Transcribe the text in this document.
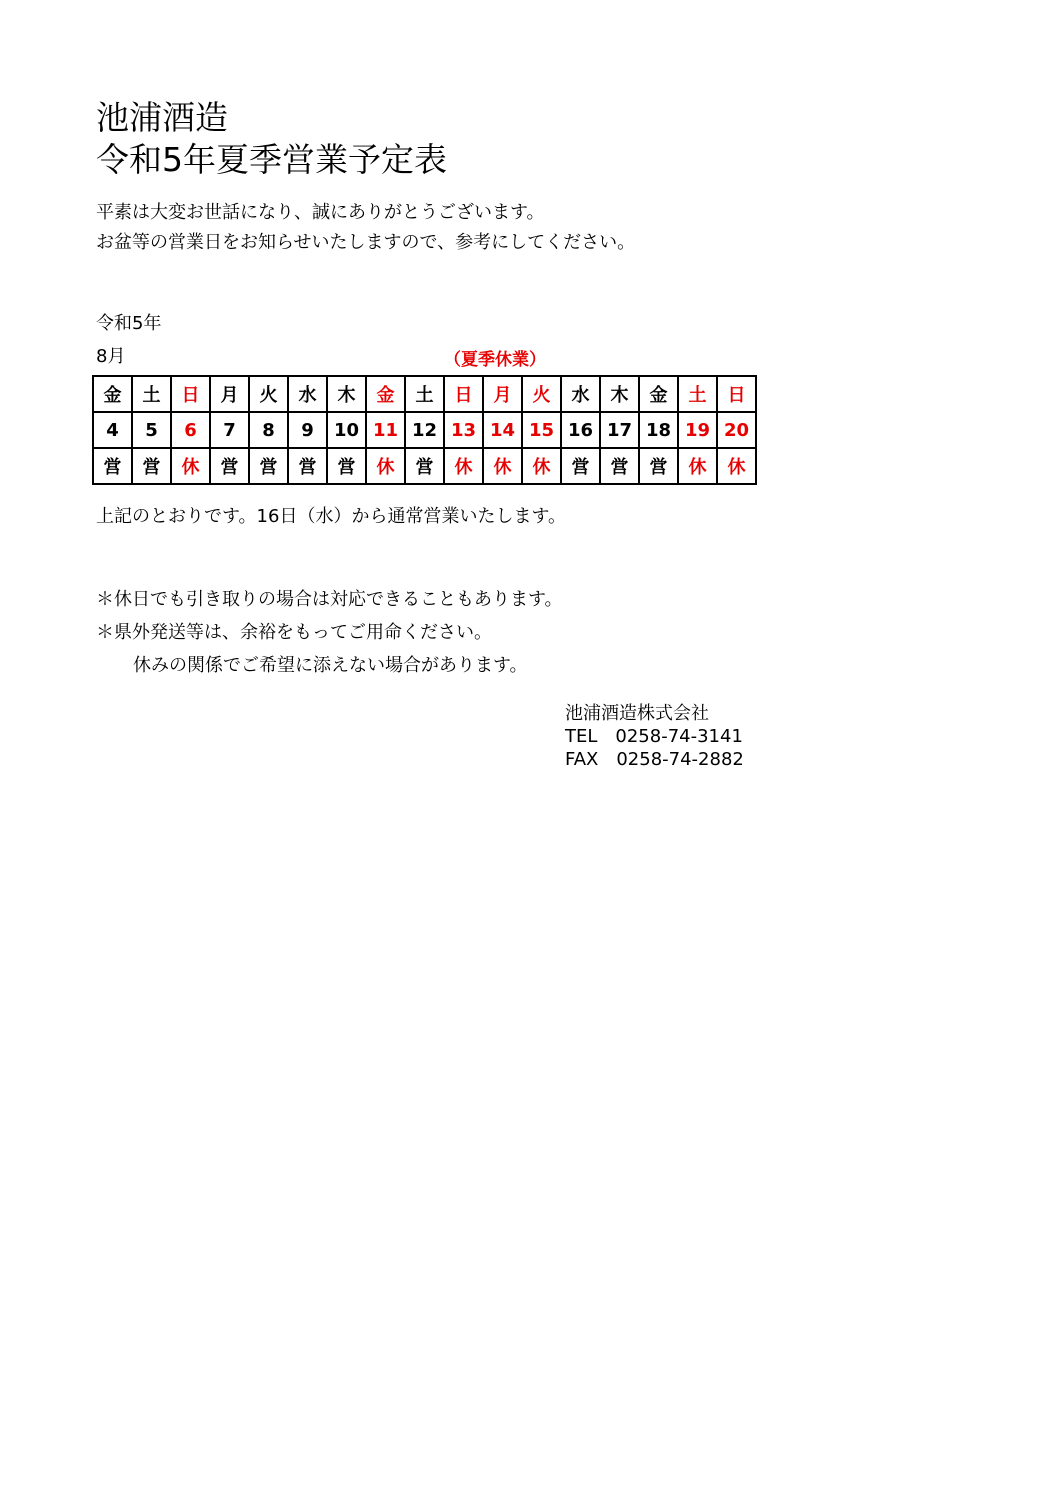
池浦酒造
令和5年夏季営業予定表
平素は大変お世話になり、誠にありがとうございます。
お盆等の営業日をお知らせいたしますので、参考にしてください。
令和5年
8月	（夏季休業）
金	土	日	月	火	水	木	金	土	日	月	火	水	木	金	土	日
4	5	6	7	8	9	10	11	12	13	14	15	16	17	18	19	20
営	営	休	営	営	営	営	休	営	休	休	休	営	営	営	休	休
上記のとおりです。16日（水）から通常営業いたします。
＊休日でも引き取りの場合は対応できることもあります。
＊県外発送等は、余裕をもってご用命ください。
休みの関係でご希望に添えない場合があります。
池浦酒造株式会社
TEL　0258-74-3141
FAX　0258-74-2882
